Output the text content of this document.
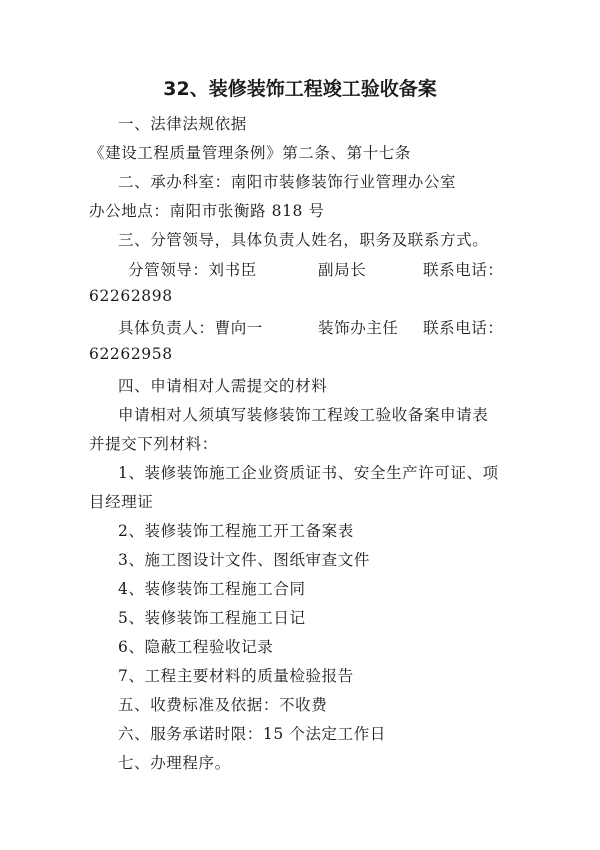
32、装修装饰工程竣工验收备案
一、法律法规依据
《建设工程质量管理条例》第二条、第十七条
二、承办科室：南阳市装修装饰行业管理办公室
办公地点：南阳市张衡路 818 号
三、分管领导，具体负责人姓名，职务及联系方式。
分管领导：刘书臣	副局长	联系电话：
62262898
具体负责人：曹向一	装饰办主任 联系电话：
62262958
四、申请相对人需提交的材料
申请相对人须填写装修装饰工程竣工验收备案申请表
并提交下列材料：
1、装修装饰施工企业资质证书、安全生产许可证、项
目经理证
2、装修装饰工程施工开工备案表
3、施工图设计文件、图纸审查文件
4、装修装饰工程施工合同
5、装修装饰工程施工日记
6、隐蔽工程验收记录
7、工程主要材料的质量检验报告
五、收费标准及依据：不收费
六、服务承诺时限：15 个法定工作日
七、办理程序。
